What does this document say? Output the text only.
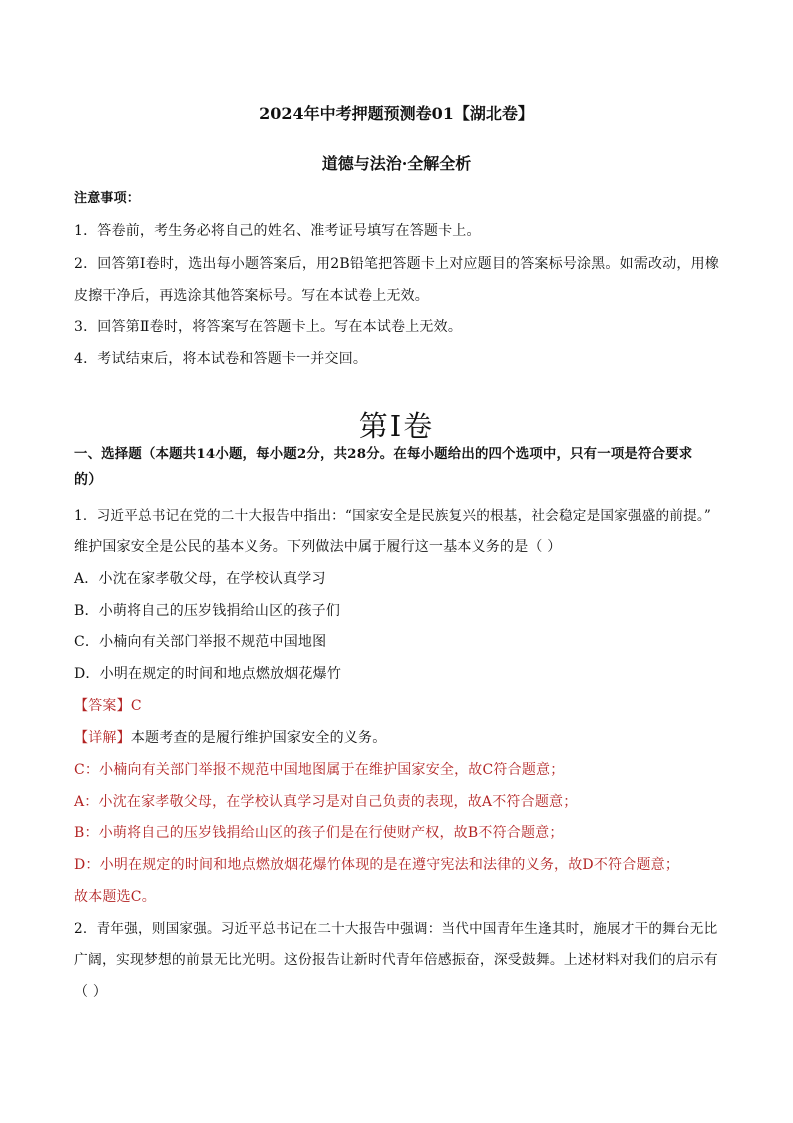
2024年中考押题预测卷01【湖北卷】
道德与法治·全解全析
注意事项：
1．答卷前，考生务必将自己的姓名、准考证号填写在答题卡上。
2．回答第Ⅰ卷时，选出每小题答案后，用2B铅笔把答题卡上对应题目的答案标号涂黑。如需改动，用橡
皮擦干净后，再选涂其他答案标号。写在本试卷上无效。
3．回答第Ⅱ卷时，将答案写在答题卡上。写在本试卷上无效。
4．考试结束后，将本试卷和答题卡一并交回。
第Ⅰ卷
一、选择题（本题共14小题，每小题2分，共28分。在每小题给出的四个选项中，只有一项是符合要求
的）
1．习近平总书记在党的二十大报告中指出：“国家安全是民族复兴的根基，社会稳定是国家强盛的前提。”
维护国家安全是公民的基本义务。下列做法中属于履行这一基本义务的是（ ）
A．小沈在家孝敬父母，在学校认真学习
B．小萌将自己的压岁钱捐给山区的孩子们
C．小楠向有关部门举报不规范中国地图
D．小明在规定的时间和地点燃放烟花爆竹
【答案】C
【详解】本题考查的是履行维护国家安全的义务。
C：小楠向有关部门举报不规范中国地图属于在维护国家安全，故C符合题意；
A：小沈在家孝敬父母，在学校认真学习是对自己负责的表现，故A不符合题意；
B：小萌将自己的压岁钱捐给山区的孩子们是在行使财产权，故B不符合题意；
D：小明在规定的时间和地点燃放烟花爆竹体现的是在遵守宪法和法律的义务，故D不符合题意；
故本题选C。
2．青年强，则国家强。习近平总书记在二十大报告中强调：当代中国青年生逢其时，施展才干的舞台无比
广阔，实现梦想的前景无比光明。这份报告让新时代青年倍感振奋，深受鼓舞。上述材料对我们的启示有
（ ）
